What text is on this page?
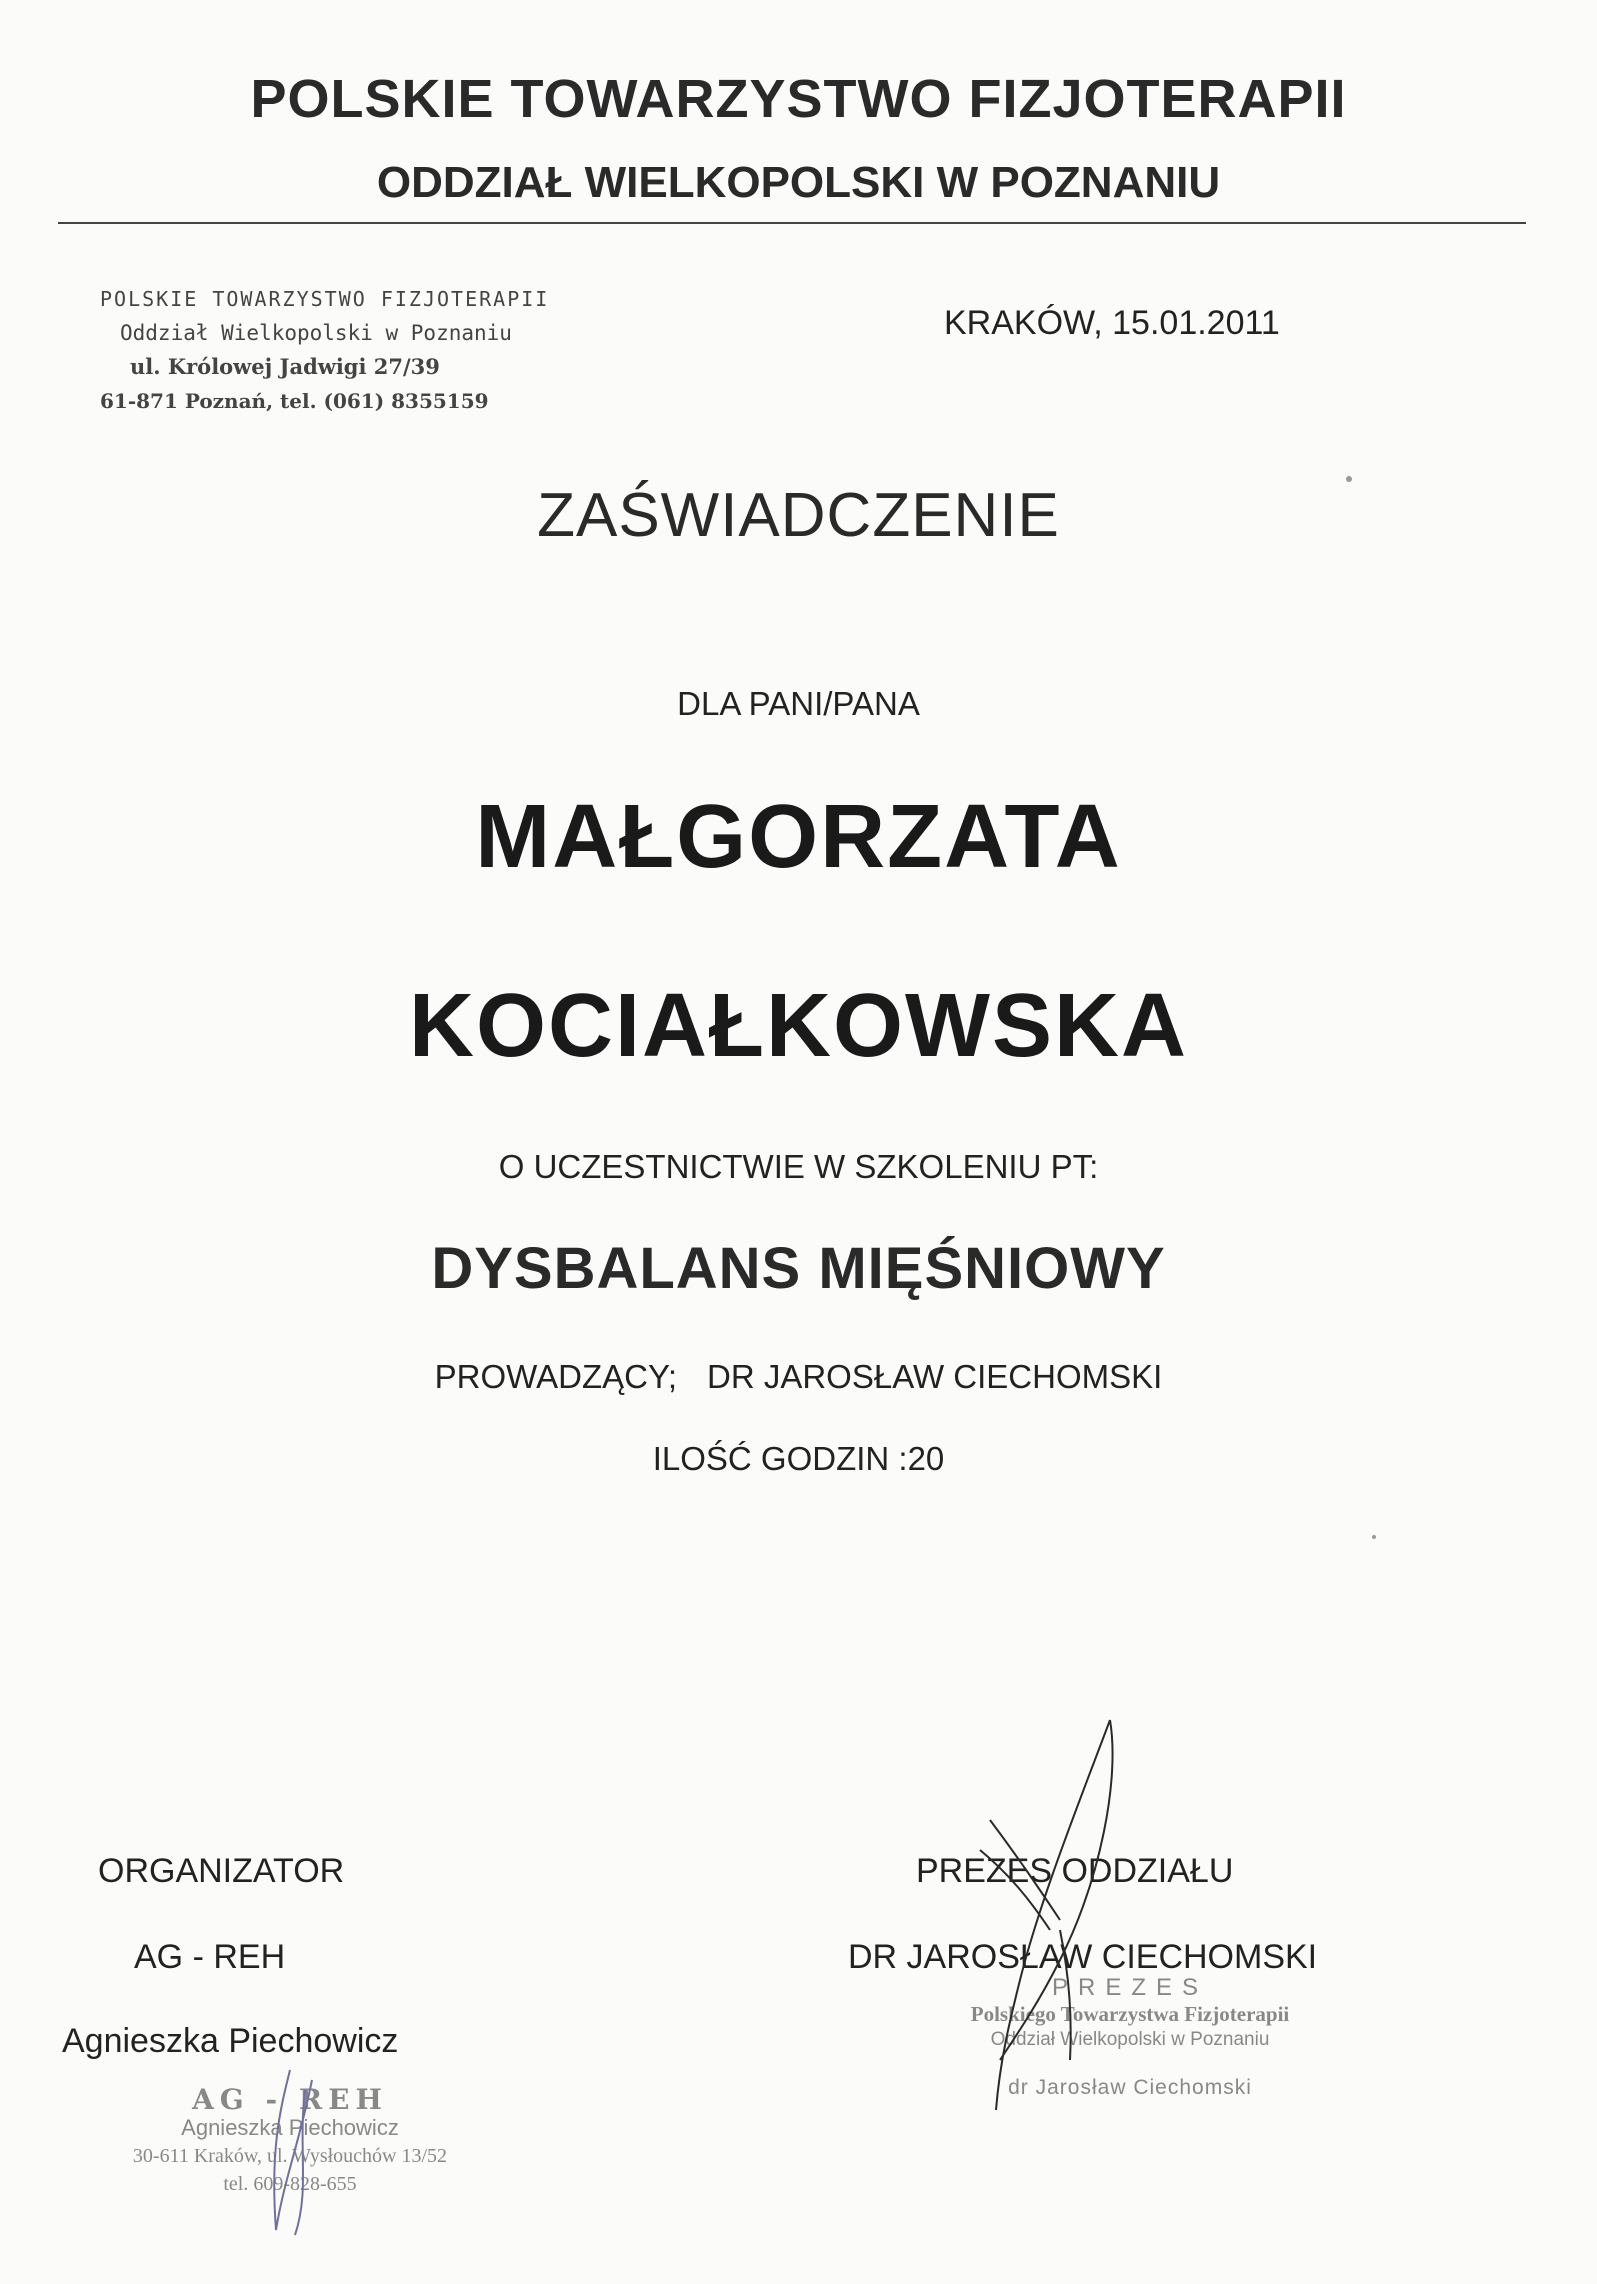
POLSKIE TOWARZYSTWO FIZJOTERAPII
ODDZIAŁ WIELKOPOLSKI W POZNANIU
POLSKIE TOWARZYSTWO FIZJOTERAPII
Oddział Wielkopolski w Poznaniu
ul. Królowej Jadwigi 27/39
61-871 Poznań, tel. (061) 8355159
KRAKÓW, 15.01.2011
ZAŚWIADCZENIE
DLA PANI/PANA
MAŁGORZATA
KOCIAŁKOWSKA
O UCZESTNICTWIE W SZKOLENIU PT:
DYSBALANS MIĘŚNIOWY
PROWADZĄCY; DR JAROSŁAW CIECHOMSKI
ILOŚĆ GODZIN :20
ORGANIZATOR
AG - REH
Agnieszka Piechowicz
AG - REH
Agnieszka Piechowicz
30-611 Kraków, ul. Wysłouchów 13/52
tel. 609-828-655
PREZES ODDZIAŁU
DR JAROSŁAW CIECHOMSKI
PREZES
Polskiego Towarzystwa Fizjoterapii
Oddział Wielkopolski w Poznaniu
dr Jarosław Ciechomski
